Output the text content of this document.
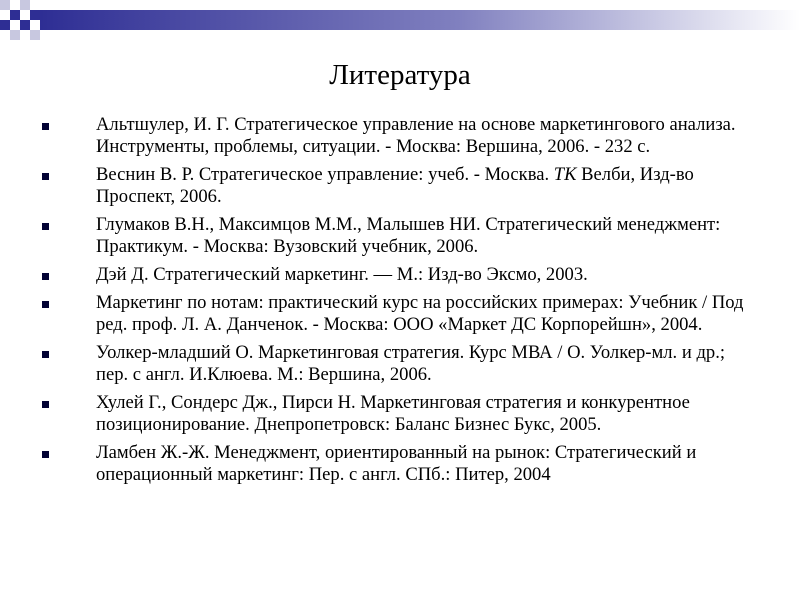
Литература
Альтшулер, И. Г. Стратегическое управление на основе маркетингового анализа. Инструменты, проблемы, ситуации. - Москва: Вершина, 2006. - 232 с.
Веснин В. Р. Стратегическое управление: учеб. - Москва. ТК Велби, Изд-во Проспект, 2006.
Глумаков В.Н., Максимцов М.М., Малышев НИ. Стратегический менеджмент: Практикум. - Москва: Вузовский учебник, 2006.
Дэй Д. Стратегический маркетинг. — М.: Изд-во Эксмо, 2003.
Маркетинг по нотам: практический курс на российских примерах: Учебник / Под ред. проф. Л. А. Данченок. - Москва: ООО «Маркет ДС Корпорейшн», 2004.
Уолкер-младший О. Маркетинговая стратегия. Курс МВА / О. Уолкер-мл. и др.; пер. с англ. И.Клюева. М.: Вершина, 2006.
Хулей Г., Сондерс Дж., Пирси Н. Маркетинговая стратегия и конкурентное позиционирование. Днепропетровск: Баланс Бизнес Букс, 2005.
Ламбен Ж.-Ж. Менеджмент, ориентированный на рынок: Стратегический и операционный маркетинг: Пер. с англ. СПб.: Питер, 2004
